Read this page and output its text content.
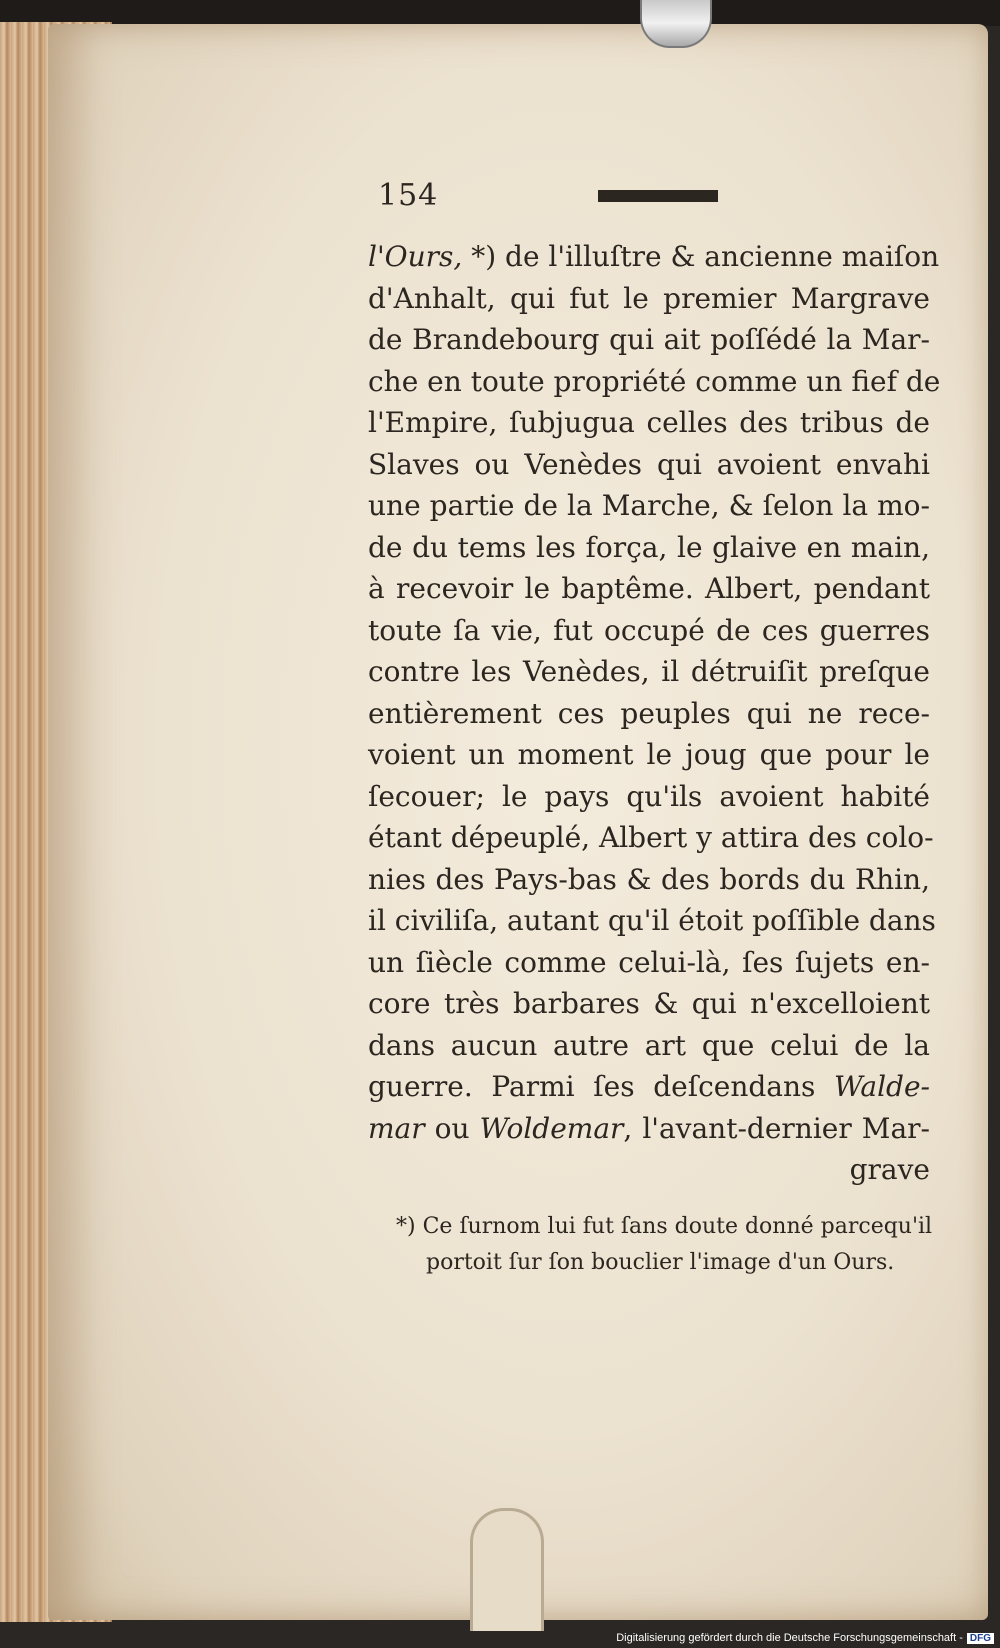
154
l'Ours, *) de l'illuſtre & ancienne maiſon
d'Anhalt, qui fut le premier Margrave
de Brandebourg qui ait poſſédé la Mar-
che en toute propriété comme un fief de
l'Empire, ſubjugua celles des tribus de
Slaves ou Venèdes qui avoient envahi
une partie de la Marche, & ſelon la mo-
de du tems les força, le glaive en main,
à recevoir le baptême. Albert, pendant
toute ſa vie, fut occupé de ces guerres
contre les Venèdes, il détruiſit preſque
entièrement ces peuples qui ne rece-
voient un moment le joug que pour le
ſecouer; le pays qu'ils avoient habité
étant dépeuplé, Albert y attira des colo-
nies des Pays-bas & des bords du Rhin,
il civiliſa, autant qu'il étoit poſſible dans
un ſiècle comme celui-là, ſes ſujets en-
core très barbares & qui n'excelloient
dans aucun autre art que celui de la
guerre. Parmi ſes deſcendans Walde-
mar ou Woldemar, l'avant-dernier Mar-
grave
*) Ce ſurnom lui fut ſans doute donné parcequ'il
portoit ſur ſon bouclier l'image d'un Ours.
Digitalisierung gefördert durch die Deutsche Forschungsgemeinschaft - DFG
